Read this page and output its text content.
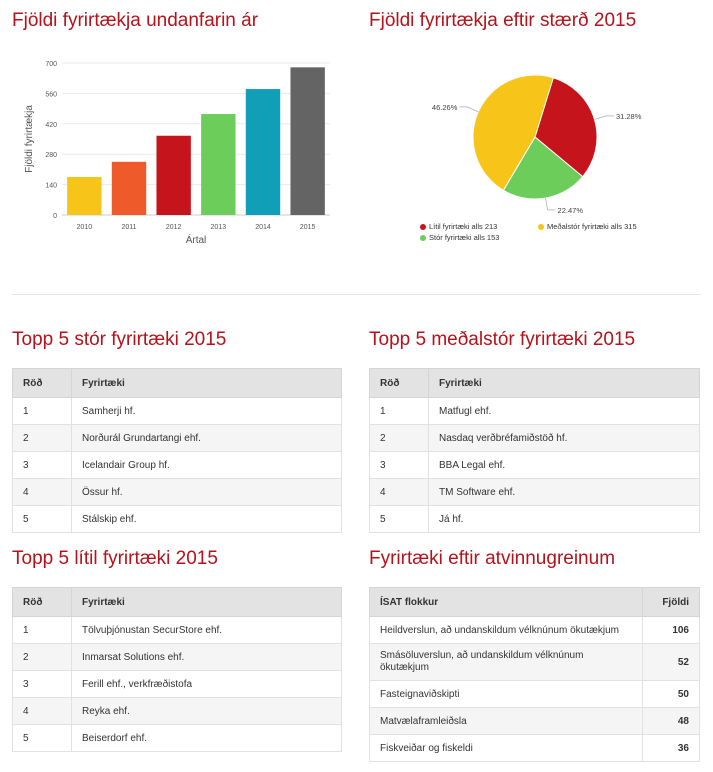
Fjöldi fyrirtækja undanfarin ár
0
140
280
420
560
700
2010	2011	2012	2013	2014	2015
Ártal
Fjöldi fyrirtækja
Fjöldi fyrirtækja eftir stærð 2015
31.28%
22.47%
46.26%
Lítil fyrirtæki alls 213	Meðalstór fyrirtæki alls 315
Stór fyrirtæki alls 153
Topp 5 stór fyrirtæki 2015
Röð	Fyrirtæki
1	Samherji hf.
2	Norðurál Grundartangi ehf.
3	Icelandair Group hf.
4	Össur hf.
5	Stálskip ehf.
Topp 5 meðalstór fyrirtæki 2015
Röð	Fyrirtæki
1	Matfugl ehf.
2	Nasdaq verðbréfamiðstöð hf.
3	BBA Legal ehf.
4	TM Software ehf.
5	Já hf.
Topp 5 lítil fyrirtæki 2015
Röð	Fyrirtæki
1	Tölvuþjónustan SecurStore ehf.
2	Inmarsat Solutions ehf.
3	Ferill ehf., verkfræðistofa
4	Reyka ehf.
5	Beiserdorf ehf.
Fyrirtæki eftir atvinnugreinum
ÍSAT flokkur	Fjöldi
Heildverslun, að undanskildum vélknúnum ökutækjum	106
Smásöluverslun, að undanskildum vélknúnum ökutækjum	52
Fasteignaviðskipti	50
Matvælaframleiðsla	48
Fiskveiðar og fiskeldi	36
